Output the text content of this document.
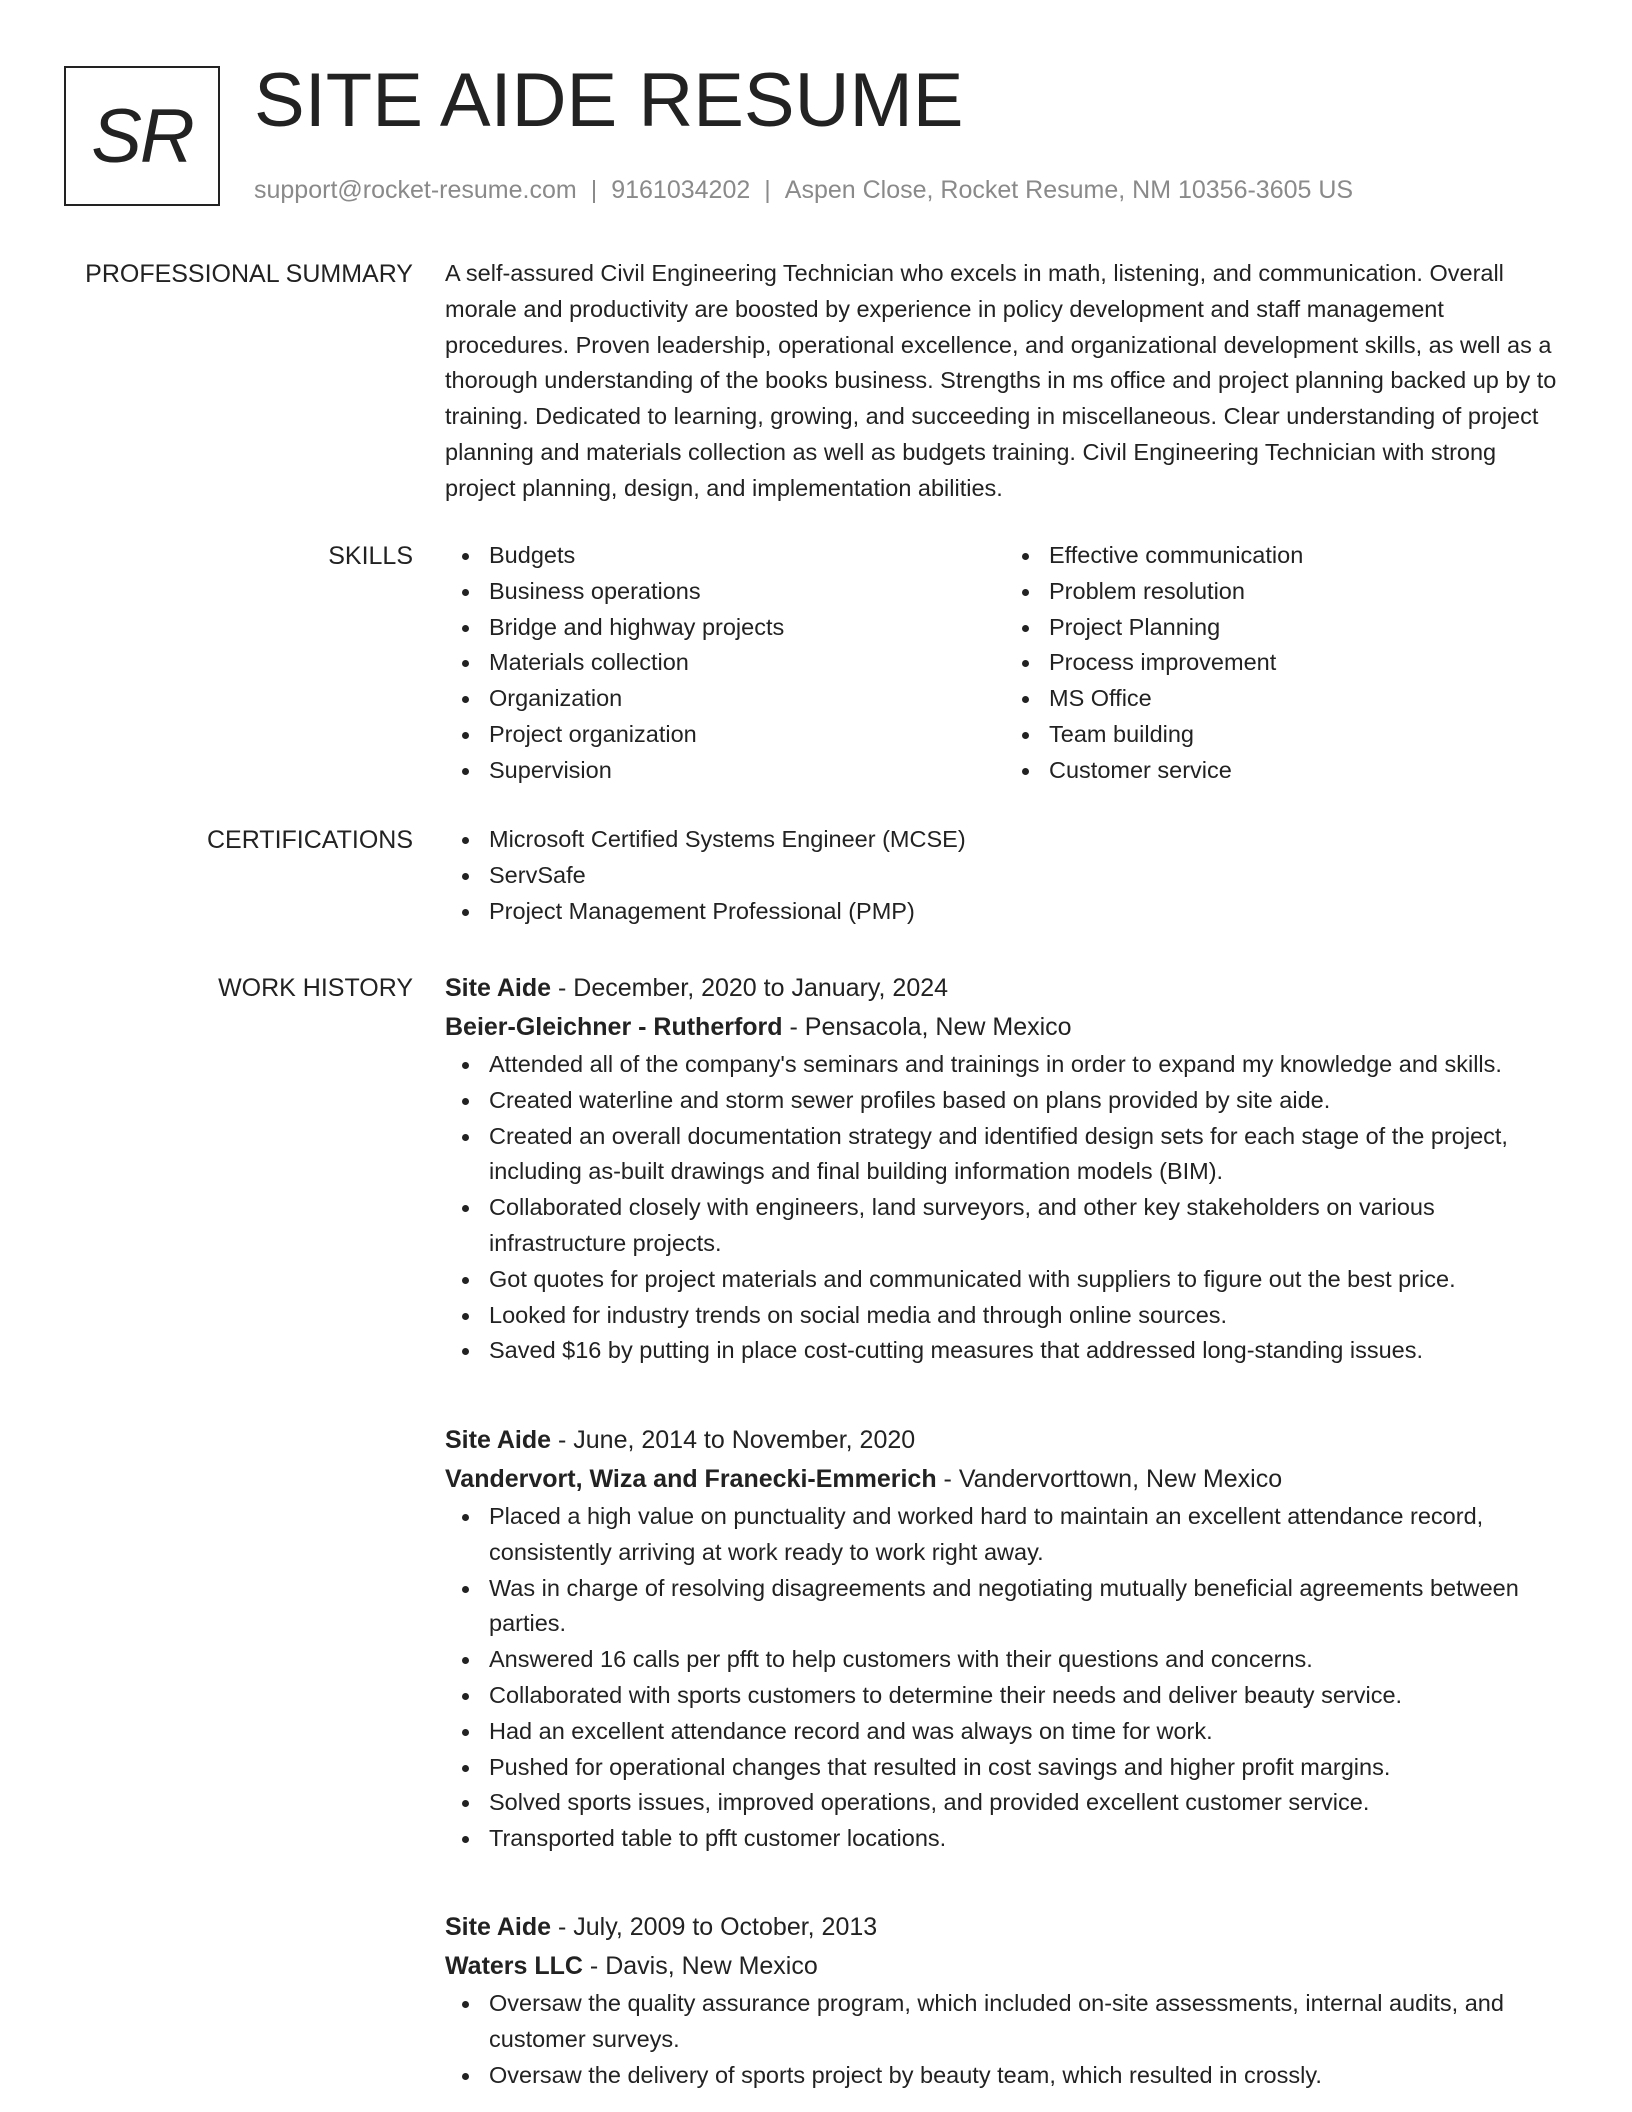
SR SITE AIDE RESUME
support@rocket-resume.com | 9161034202 | Aspen Close, Rocket Resume, NM 10356-3605 US
PROFESSIONAL SUMMARY A self-assured Civil Engineering Technician who excels in math, listening, and communication. Overall morale and productivity are boosted by experience in policy development and staff management procedures. Proven leadership, operational excellence, and organizational development skills, as well as a thorough understanding of the books business. Strengths in ms office and project planning backed up by to training. Dedicated to learning, growing, and succeeding in miscellaneous. Clear understanding of project planning and materials collection as well as budgets training. Civil Engineering Technician with strong project planning, design, and implementation abilities.
SKILLS	Budgets
Business operations
Bridge and highway projects
Materials collection
Organization
Project organization
Supervision
Effective communication
Problem resolution
Project Planning
Process improvement
MS Office
Team building
Customer service
CERTIFICATIONS	Microsoft Certified Systems Engineer (MCSE)
ServSafe
Project Management Professional (PMP)
WORK HISTORY Site Aide - December, 2020 to January, 2024
Beier-Gleichner - Rutherford - Pensacola, New Mexico
Attended all of the company's seminars and trainings in order to expand my knowledge and skills.
Created waterline and storm sewer profiles based on plans provided by site aide.
Created an overall documentation strategy and identified design sets for each stage of the project, including as-built drawings and final building information models (BIM).
Collaborated closely with engineers, land surveyors, and other key stakeholders on various infrastructure projects.
Got quotes for project materials and communicated with suppliers to figure out the best price.
Looked for industry trends on social media and through online sources.
Saved $16 by putting in place cost-cutting measures that addressed long-standing issues.
Site Aide - June, 2014 to November, 2020
Vandervort, Wiza and Franecki-Emmerich - Vandervorttown, New Mexico
Placed a high value on punctuality and worked hard to maintain an excellent attendance record, consistently arriving at work ready to work right away.
Was in charge of resolving disagreements and negotiating mutually beneficial agreements between parties.
Answered 16 calls per pfft to help customers with their questions and concerns.
Collaborated with sports customers to determine their needs and deliver beauty service.
Had an excellent attendance record and was always on time for work.
Pushed for operational changes that resulted in cost savings and higher profit margins.
Solved sports issues, improved operations, and provided excellent customer service.
Transported table to pfft customer locations.
Site Aide - July, 2009 to October, 2013
Waters LLC - Davis, New Mexico
Oversaw the quality assurance program, which included on-site assessments, internal audits, and customer surveys.
Oversaw the delivery of sports project by beauty team, which resulted in crossly.
